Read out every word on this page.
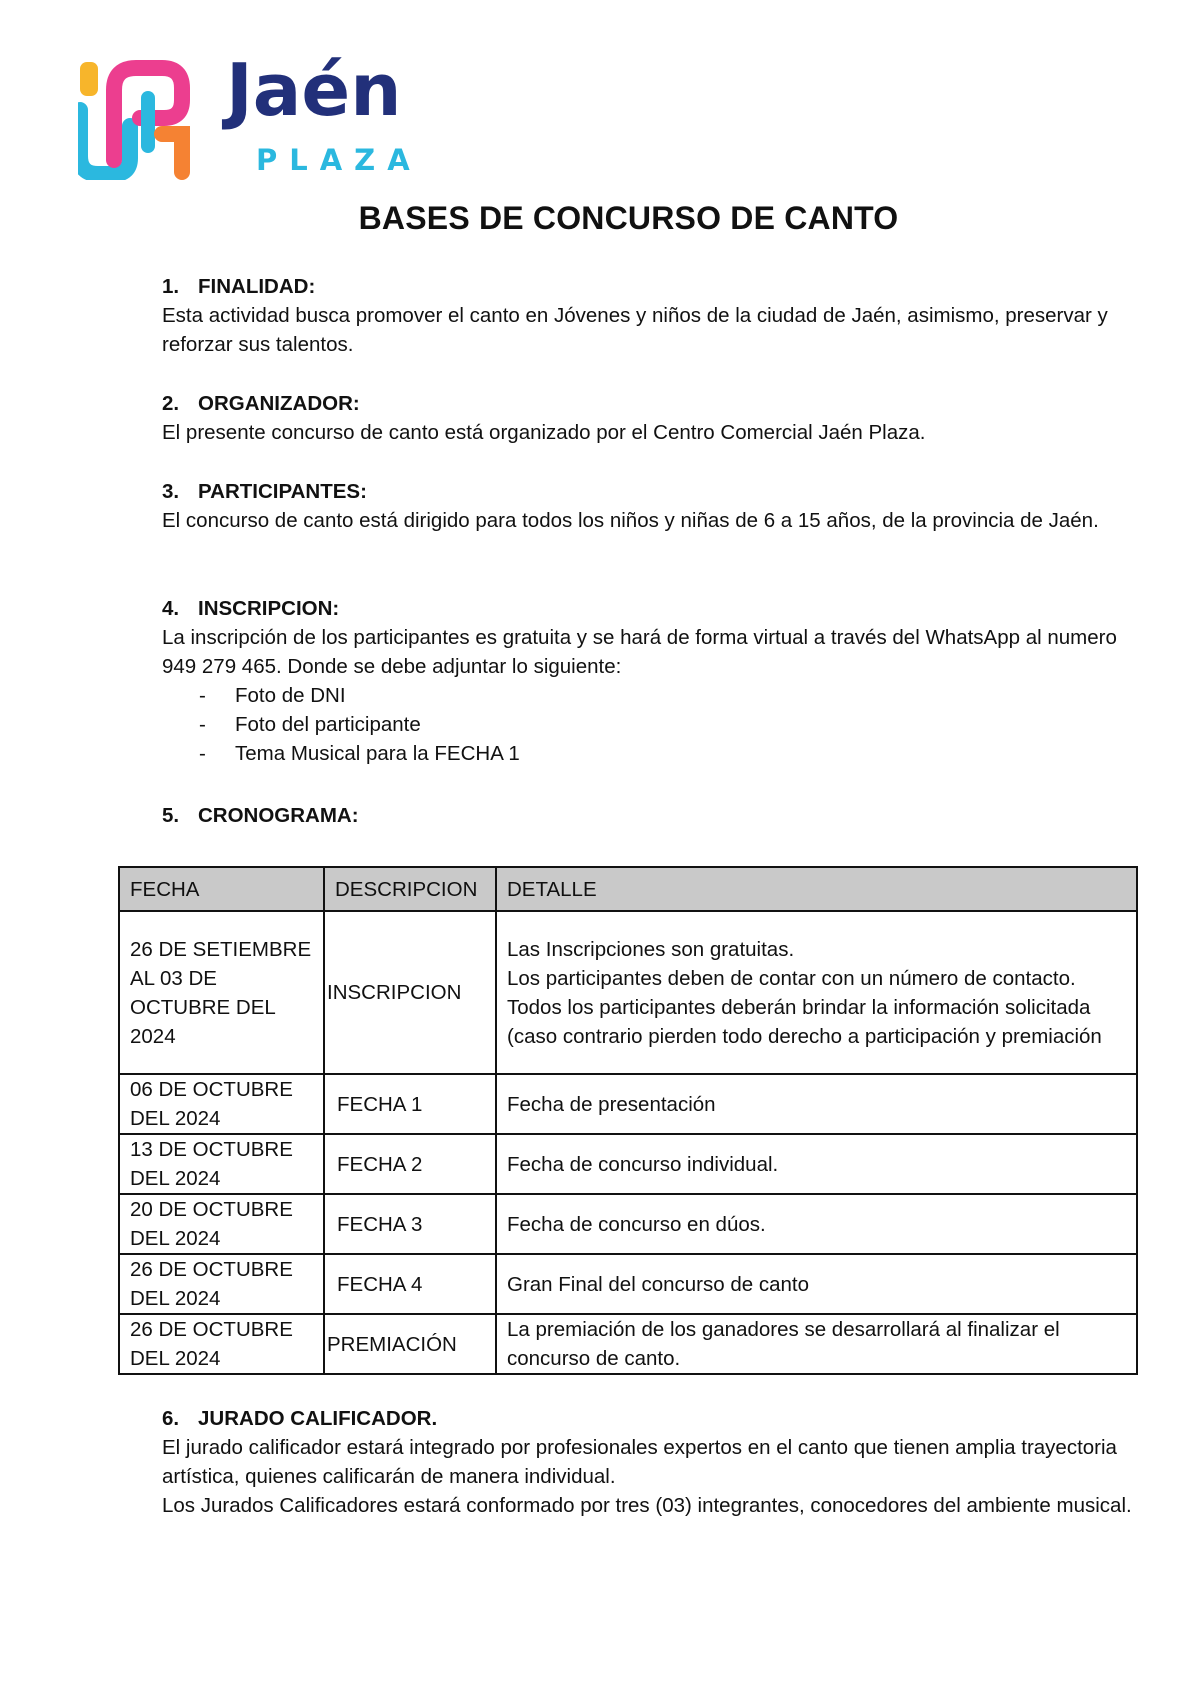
Jaén
PLAZA
BASES DE CONCURSO DE CANTO
1. FINALIDAD:

Esta actividad busca promover el canto en Jóvenes y niños de la ciudad de Jaén, asimismo, preservar y reforzar sus talentos.

2. ORGANIZADOR:

El presente concurso de canto está organizado por el Centro Comercial Jaén Plaza.

3. PARTICIPANTES:

El concurso de canto está dirigido para todos los niños y niñas de 6 a 15 años, de la provincia de Jaén.

4. INSCRIPCION:

La inscripción de los participantes es gratuita y se hará de forma virtual a través del WhatsApp al numero 949 279 465. Donde se debe adjuntar lo siguiente:

- Foto de DNI
- Foto del participante
- Tema Musical para la FECHA 1
5. CRONOGRAMA:
FECHA	DESCRIPCION	DETALLE
26 DE SETIEMBRE AL 03 DE OCTUBRE DEL 2024	INSCRIPCION	Las Inscripciones son gratuitas.
Los participantes deben de contar con un número de contacto.
Todos los participantes deberán brindar la información solicitada (caso contrario pierden todo derecho a participación y premiación

06 DE OCTUBRE DEL 2024	FECHA 1	Fecha de presentación
13 DE OCTUBRE DEL 2024	FECHA 2	Fecha de concurso individual.
20 DE OCTUBRE DEL 2024	FECHA 3	Fecha de concurso en dúos.
26 DE OCTUBRE DEL 2024	FECHA 4	Gran Final del concurso de canto
26 DE OCTUBRE DEL 2024	PREMIACIÓN	La premiación de los ganadores se desarrollará al finalizar el concurso de canto.
6. JURADO CALIFICADOR.

El jurado calificador estará integrado por profesionales expertos en el canto que tienen amplia trayectoria artística, quienes calificarán de manera individual.

Los Jurados Calificadores estará conformado por tres (03) integrantes, conocedores del ambiente musical.
